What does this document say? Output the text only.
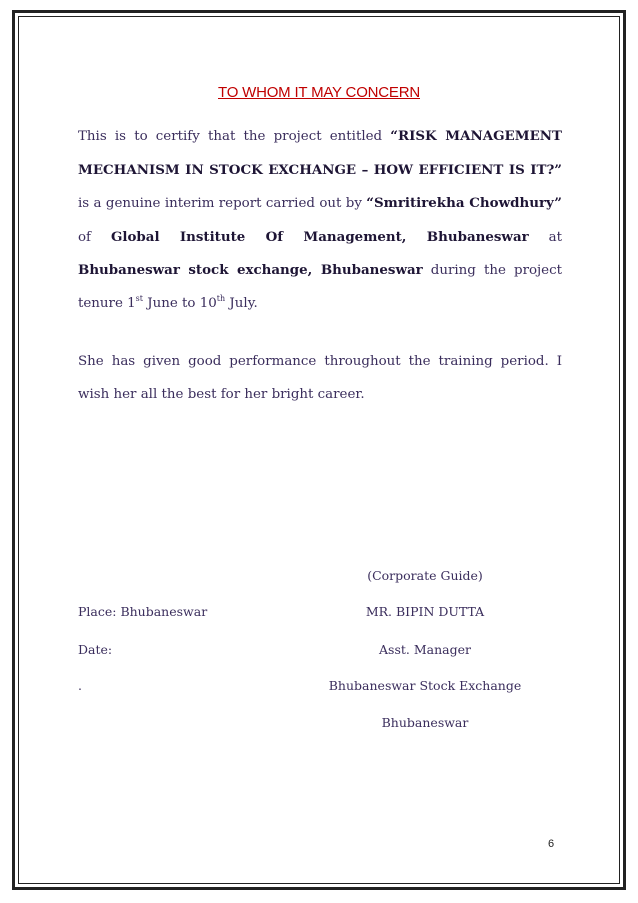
TO WHOM IT MAY CONCERN

This is to certify that the project entitled “RISK MANAGEMENT MECHANISM IN STOCK EXCHANGE – HOW EFFICIENT IS IT?” is a genuine interim report carried out by “Smritirekha Chowdhury” of Global Institute Of Management, Bhubaneswar at Bhubaneswar stock exchange, Bhubaneswar during the project tenure 1st June to 10th July.

She has given good performance throughout the training period. I wish her all the best for her bright career.

(Corporate Guide)
Place: Bhubaneswar	MR. BIPIN DUTTA
Date:	Asst. Manager
.	Bhubaneswar Stock Exchange
Bhubaneswar
6
